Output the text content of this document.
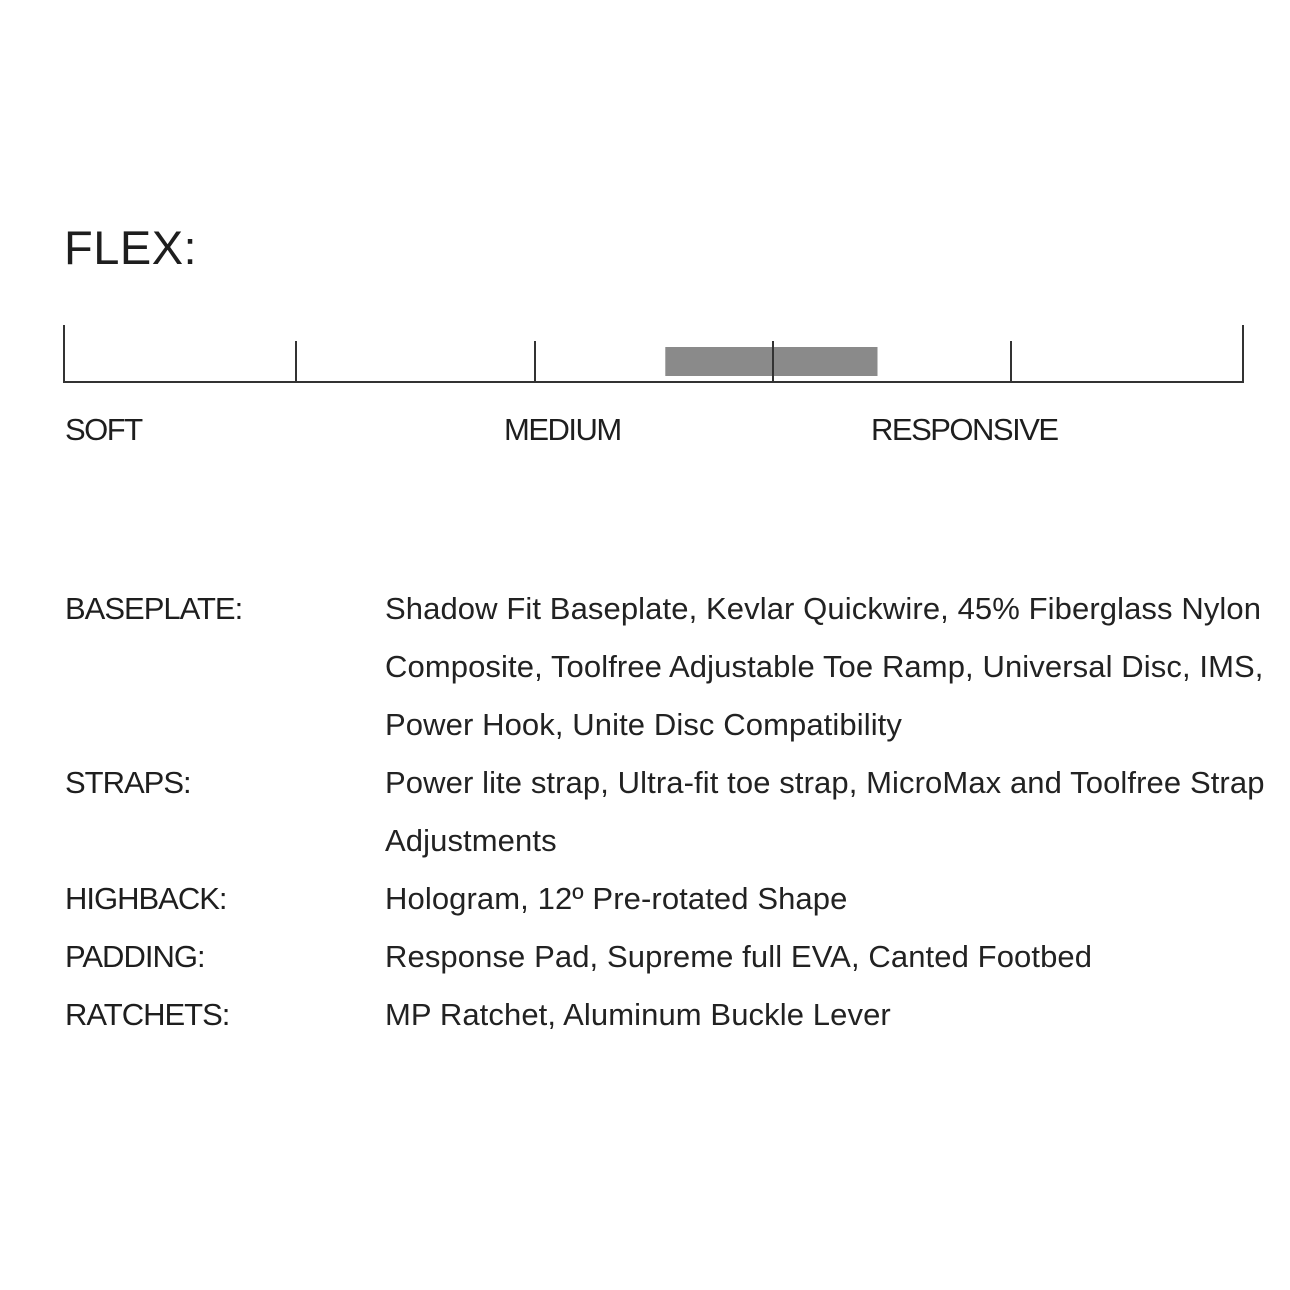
FLEX:
SOFT	MEDIUM	RESPONSIVE
BASEPLATE:	Shadow Fit Baseplate, Kevlar Quickwire, 45% Fiberglass Nylon Composite, Toolfree Adjustable Toe Ramp, Universal Disc, IMS, Power Hook, Unite Disc Compatibility
STRAPS:	Power lite strap, Ultra-fit toe strap, MicroMax and Toolfree Strap Adjustments
HIGHBACK:	Hologram, 12º Pre-rotated Shape
PADDING:	Response Pad, Supreme full EVA, Canted Footbed
RATCHETS:	MP Ratchet, Aluminum Buckle Lever
